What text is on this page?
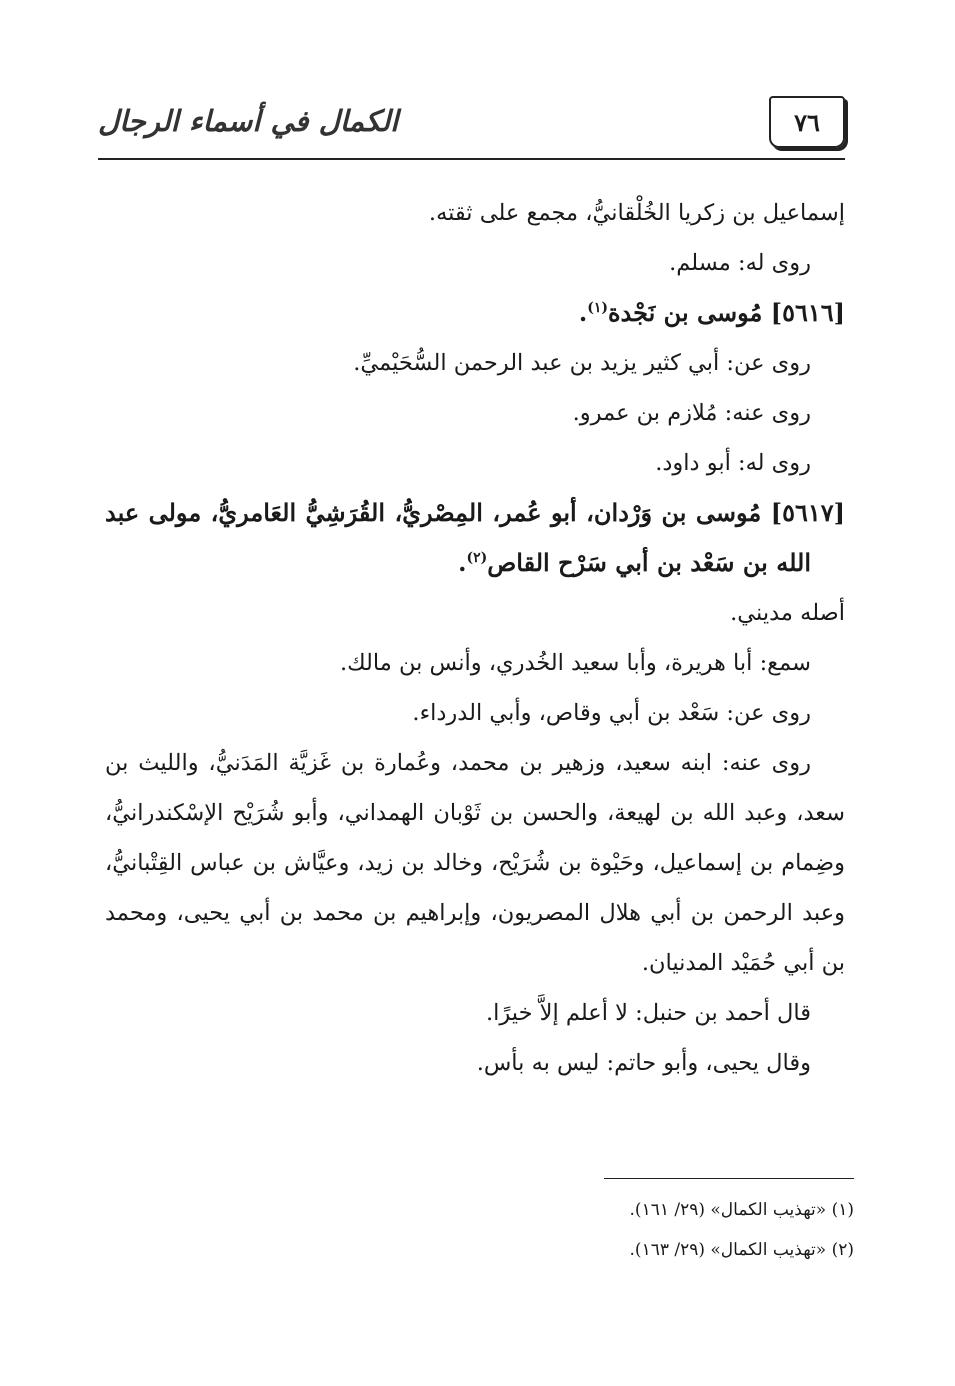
٧٦
الكمال في أسماء الرجال

إسماعيل بن زكريا الخُلْقانيُّ، مجمع على ثقته.

روى له: مسلم.

[٥٦١٦] مُوسى بن نَجْدة$^{(١)}$.

روى عن: أبي كثير يزيد بن عبد الرحمن السُّحَيْميِّ.

روى عنه: مُلازم بن عمرو.

روى له: أبو داود.

[٥٦١٧] مُوسى بن وَرْدان، أبو عُمر، المِصْريُّ، القُرَشِيُّ العَامريُّ، مولى عبد الله بن سَعْد بن أبي سَرْح القاص$^{(٢)}$.

أصله مديني.

سمع: أبا هريرة، وأبا سعيد الخُدري، وأنس بن مالك.

روى عن: سَعْد بن أبي وقاص، وأبي الدرداء.

روى عنه: ابنه سعيد، وزهير بن محمد، وعُمارة بن غَزيَّة المَدَنيُّ، والليث بن سعد، وعبد الله بن لهيعة، والحسن بن ثَوْبان الهمداني، وأبو شُرَيْح الإسْكندرانيُّ، وضِمام بن إسماعيل، وحَيْوة بن شُرَيْح، وخالد بن زيد، وعيَّاش بن عباس القِتْبانيُّ، وعبد الرحمن بن أبي هلال المصريون، وإبراهيم بن محمد بن أبي يحيى، ومحمد بن أبي حُمَيْد المدنيان.

قال أحمد بن حنبل: لا أعلم إلاَّ خيرًا.

وقال يحيى، وأبو حاتم: ليس به بأس.

(١) «تهذيب الكمال» (٢٩/ ١٦١).

(٢) «تهذيب الكمال» (٢٩/ ١٦٣).
